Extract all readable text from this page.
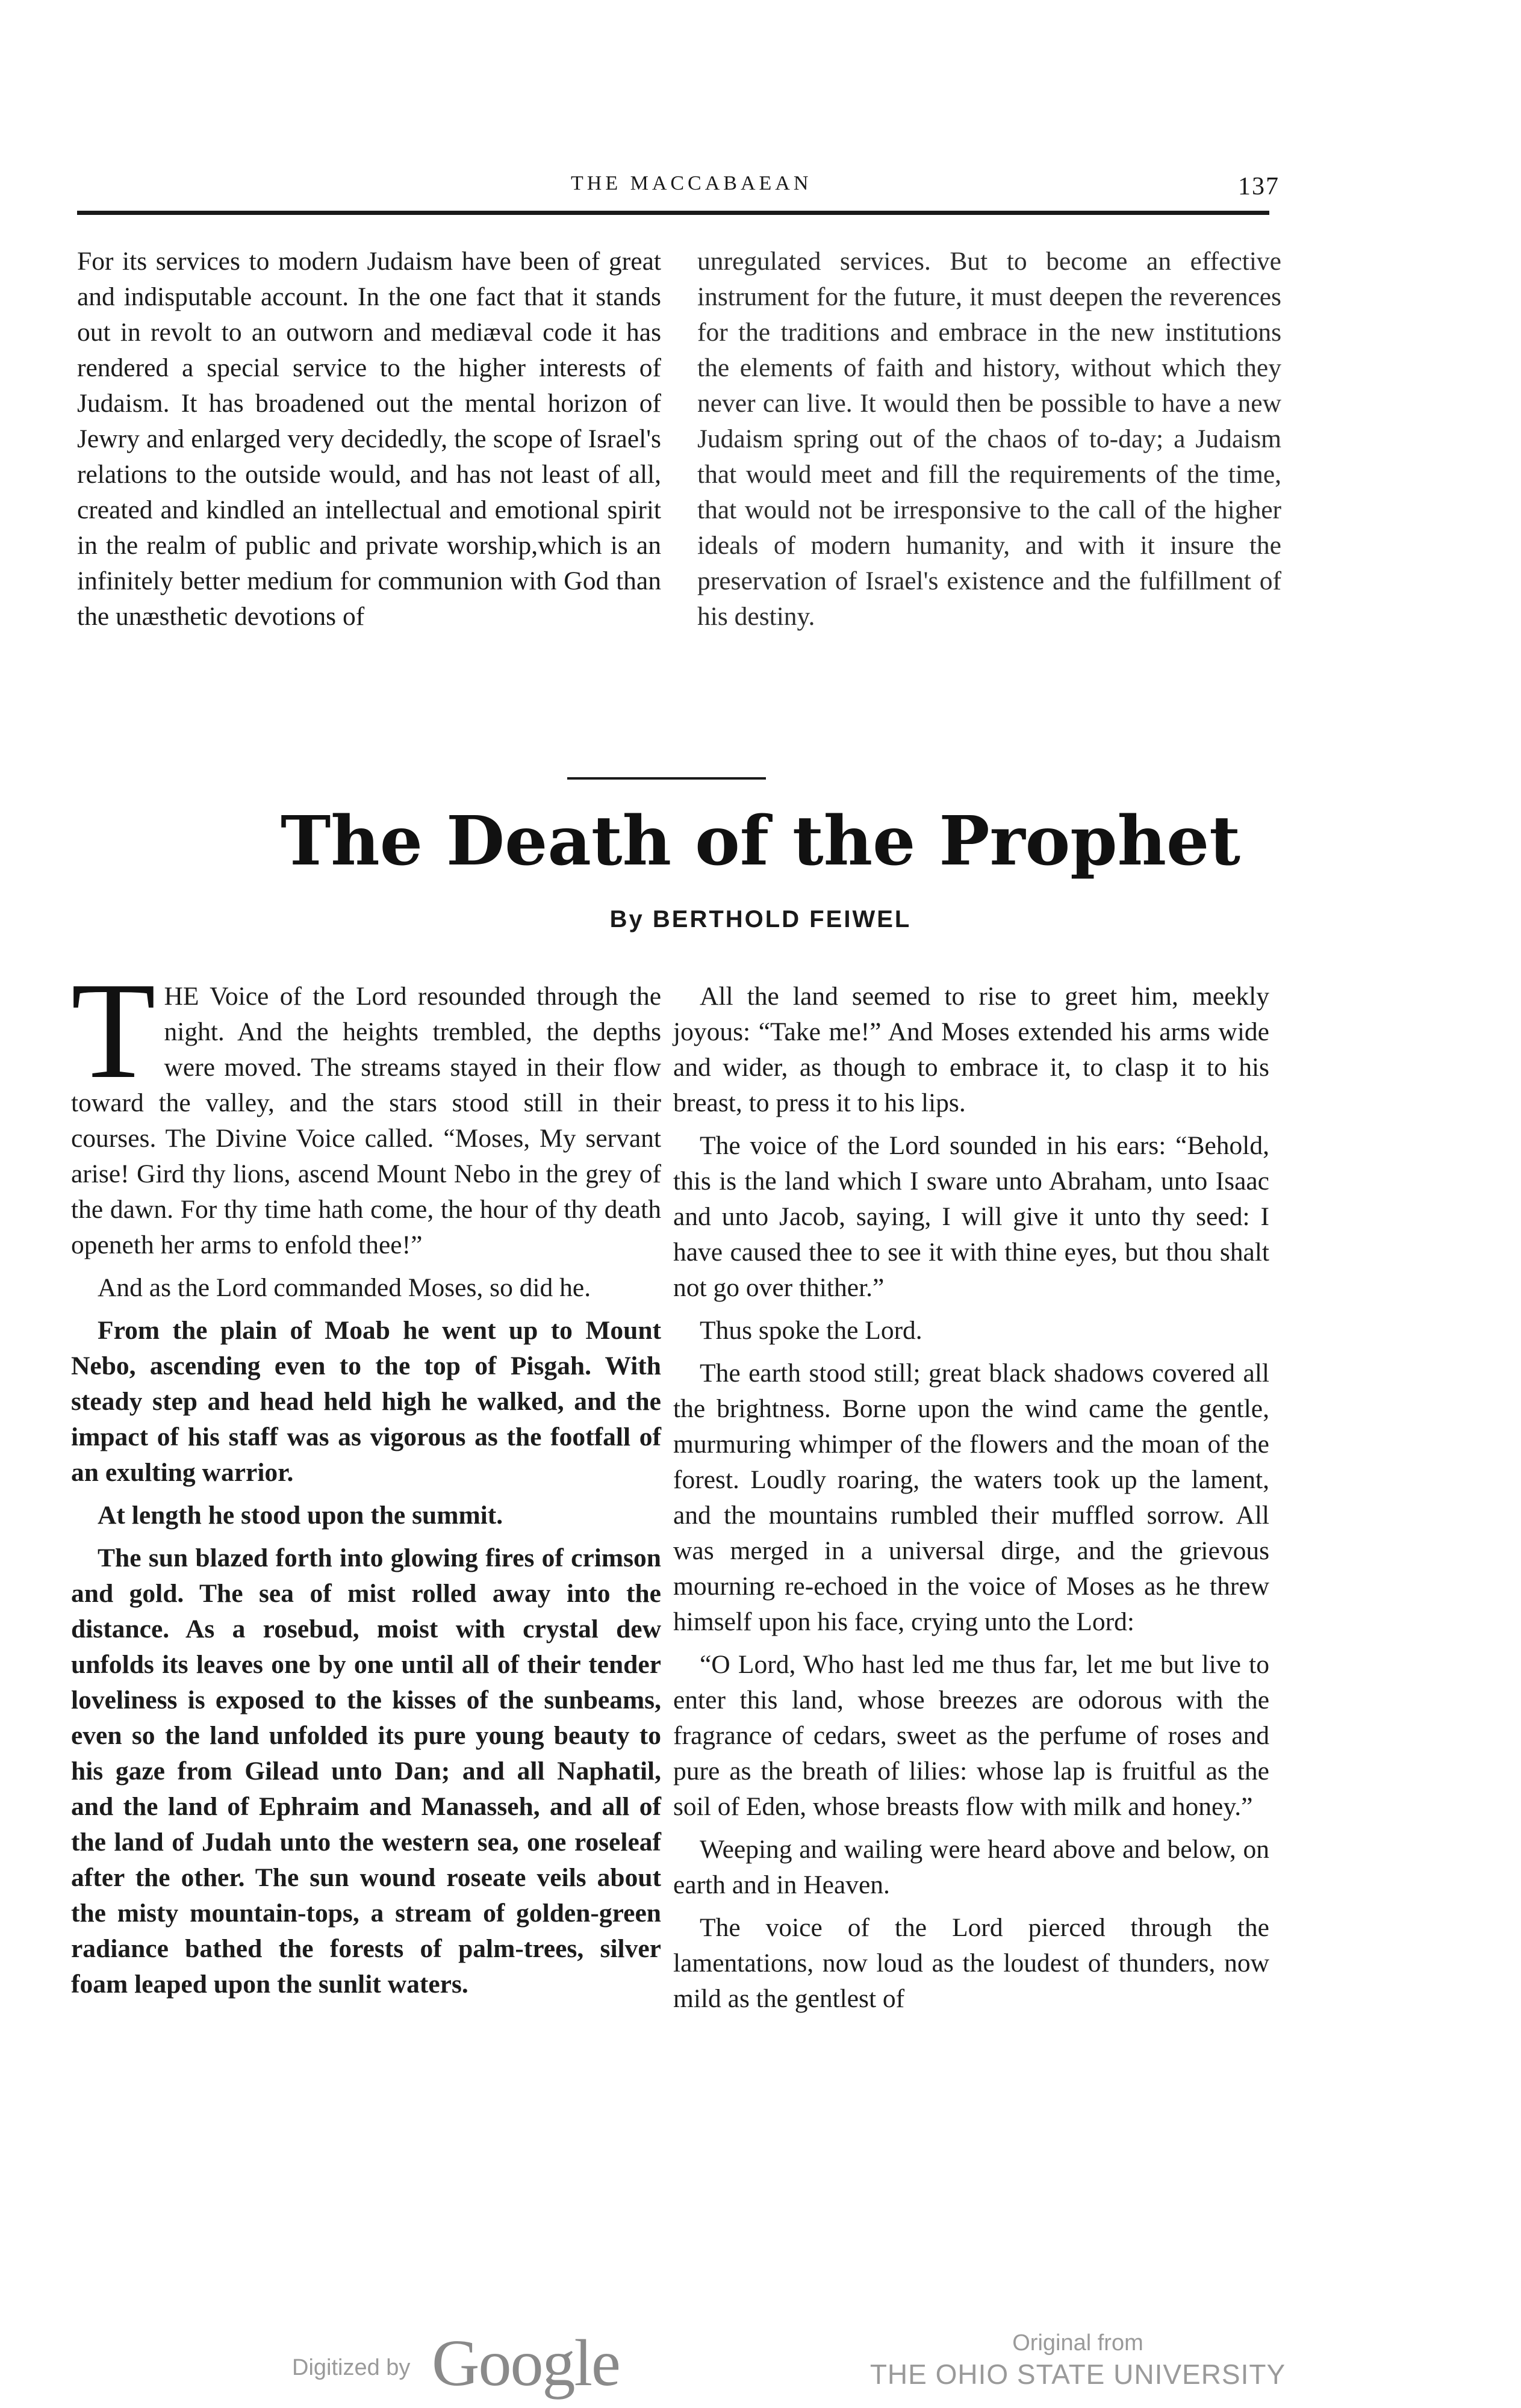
THE MACCABAEAN	137

For its services to modern Judaism have been of great and indisputable account. In the one fact that it stands out in revolt to an outworn and mediæval code it has rendered a special service to the higher interests of Judaism. It has broadened out the mental horizon of Jewry and enlarged very decidedly, the scope of Israel's relations to the outside would, and has not least of all, created and kindled an intellectual and emotional spirit in the realm of public and private worship,which is an infinitely better medium for communion with God than the unæsthetic devotions of

unregulated services. But to become an effective instrument for the future, it must deepen the reverences for the traditions and embrace in the new institutions the elements of faith and history, without which they never can live. It would then be possible to have a new Judaism spring out of the chaos of to-day; a Judaism that would meet and fill the requirements of the time, that would not be irresponsive to the call of the higher ideals of modern humanity, and with it insure the preservation of Israel's existence and the fulfillment of his destiny.

The Death of the Prophet
By BERTHOLD FEIWEL

THE Voice of the Lord resounded through the night. And the heights trembled, the depths were moved. The streams stayed in their flow toward the valley, and the stars stood still in their courses. The Divine Voice called. “Moses, My servant arise! Gird thy lions, ascend Mount Nebo in the grey of the dawn. For thy time hath come, the hour of thy death openeth her arms to enfold thee!”

And as the Lord commanded Moses, so did he.

From the plain of Moab he went up to Mount Nebo, ascending even to the top of Pisgah. With steady step and head held high he walked, and the impact of his staff was as vigorous as the footfall of an exulting warrior.

At length he stood upon the summit.

The sun blazed forth into glowing fires of crimson and gold. The sea of mist rolled away into the distance. As a rosebud, moist with crystal dew unfolds its leaves one by one until all of their tender loveliness is exposed to the kisses of the sunbeams, even so the land unfolded its pure young beauty to his gaze from Gilead unto Dan; and all Naphatil, and the land of Ephraim and Manasseh, and all of the land of Judah unto the western sea, one roseleaf after the other. The sun wound roseate veils about the misty mountain-tops, a stream of golden-green radiance bathed the forests of palm-trees, silver foam leaped upon the sunlit waters.

All the land seemed to rise to greet him, meekly joyous: “Take me!” And Moses extended his arms wide and wider, as though to embrace it, to clasp it to his breast, to press it to his lips.

The voice of the Lord sounded in his ears: “Behold, this is the land which I sware unto Abraham, unto Isaac and unto Jacob, saying, I will give it unto thy seed: I have caused thee to see it with thine eyes, but thou shalt not go over thither.”

Thus spoke the Lord.

The earth stood still; great black shadows covered all the brightness. Borne upon the wind came the gentle, murmuring whimper of the flowers and the moan of the forest. Loudly roaring, the waters took up the lament, and the mountains rumbled their muffled sorrow. All was merged in a universal dirge, and the grievous mourning re-echoed in the voice of Moses as he threw himself upon his face, crying unto the Lord:

“O Lord, Who hast led me thus far, let me but live to enter this land, whose breezes are odorous with the fragrance of cedars, sweet as the perfume of roses and pure as the breath of lilies: whose lap is fruitful as the soil of Eden, whose breasts flow with milk and honey.”

Weeping and wailing were heard above and below, on earth and in Heaven.

The voice of the Lord pierced through the lamentations, now loud as the loudest of thunders, now mild as the gentlest of

Digitized by Google	Original from
THE OHIO STATE UNIVERSITY
